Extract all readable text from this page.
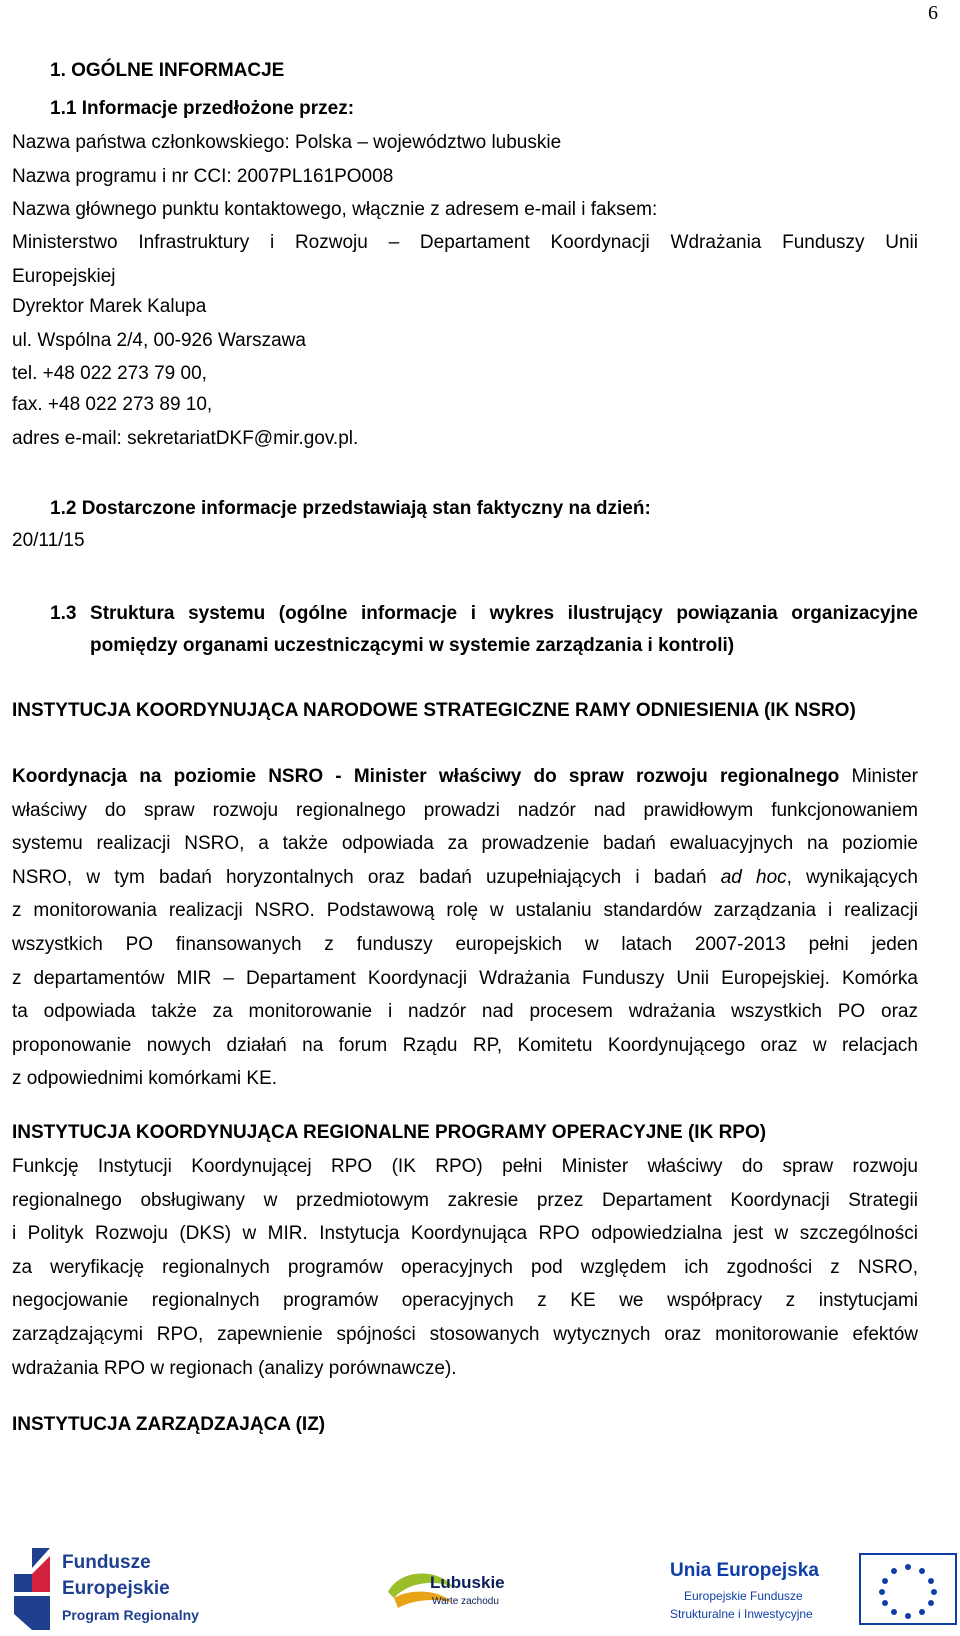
6
1. OGÓLNE INFORMACJE
1.1 Informacje przedłożone przez:
Nazwa państwa członkowskiego: Polska – województwo lubuskie
Nazwa programu i nr CCI: 2007PL161PO008
Nazwa głównego punktu kontaktowego, włącznie z adresem e-mail i faksem:
Ministerstwo Infrastruktury i Rozwoju – Departament Koordynacji Wdrażania Funduszy Unii
Europejskiej
Dyrektor Marek Kalupa
ul. Wspólna 2/4, 00-926 Warszawa
tel. +48 022 273 79 00,
fax. +48 022 273 89 10,
adres e-mail: sekretariatDKF@mir.gov.pl.
1.2 Dostarczone informacje przedstawiają stan faktyczny na dzień:
20/11/15
1.3 Struktura systemu (ogólne informacje i wykres ilustrujący powiązania organizacyjne
pomiędzy organami uczestniczącymi w systemie zarządzania i kontroli)
INSTYTUCJA KOORDYNUJĄCA NARODOWE STRATEGICZNE RAMY ODNIESIENIA (IK NSRO)
Koordynacja na poziomie NSRO - Minister właściwy do spraw rozwoju regionalnego Minister
właściwy do spraw rozwoju regionalnego prowadzi nadzór nad prawidłowym funkcjonowaniem
systemu realizacji NSRO, a także odpowiada za prowadzenie badań ewaluacyjnych na poziomie
NSRO, w tym badań horyzontalnych oraz badań uzupełniających i badań ad hoc, wynikających
z monitorowania realizacji NSRO. Podstawową rolę w ustalaniu standardów zarządzania i realizacji
wszystkich PO finansowanych z funduszy europejskich w latach 2007-2013 pełni jeden
z departamentów MIR – Departament Koordynacji Wdrażania Funduszy Unii Europejskiej. Komórka
ta odpowiada także za monitorowanie i nadzór nad procesem wdrażania wszystkich PO oraz
proponowanie nowych działań na forum Rządu RP, Komitetu Koordynującego oraz w relacjach
z odpowiednimi komórkami KE.
INSTYTUCJA KOORDYNUJĄCA REGIONALNE PROGRAMY OPERACYJNE (IK RPO)
Funkcję Instytucji Koordynującej RPO (IK RPO) pełni Minister właściwy do spraw rozwoju
regionalnego obsługiwany w przedmiotowym zakresie przez Departament Koordynacji Strategii
i Polityk Rozwoju (DKS) w MIR. Instytucja Koordynująca RPO odpowiedzialna jest w szczególności
za weryfikację regionalnych programów operacyjnych pod względem ich zgodności z NSRO,
negocjowanie regionalnych programów operacyjnych z KE we współpracy z instytucjami
zarządzającymi RPO, zapewnienie spójności stosowanych wytycznych oraz monitorowanie efektów
wdrażania RPO w regionach (analizy porównawcze).
INSTYTUCJA ZARZĄDZAJĄCA (IZ)
Fundusze
Europejskie
Program Regionalny
Lubuskie
Warte zachodu
Unia Europejska
Europejskie Fundusze
Strukturalne i Inwestycyjne
